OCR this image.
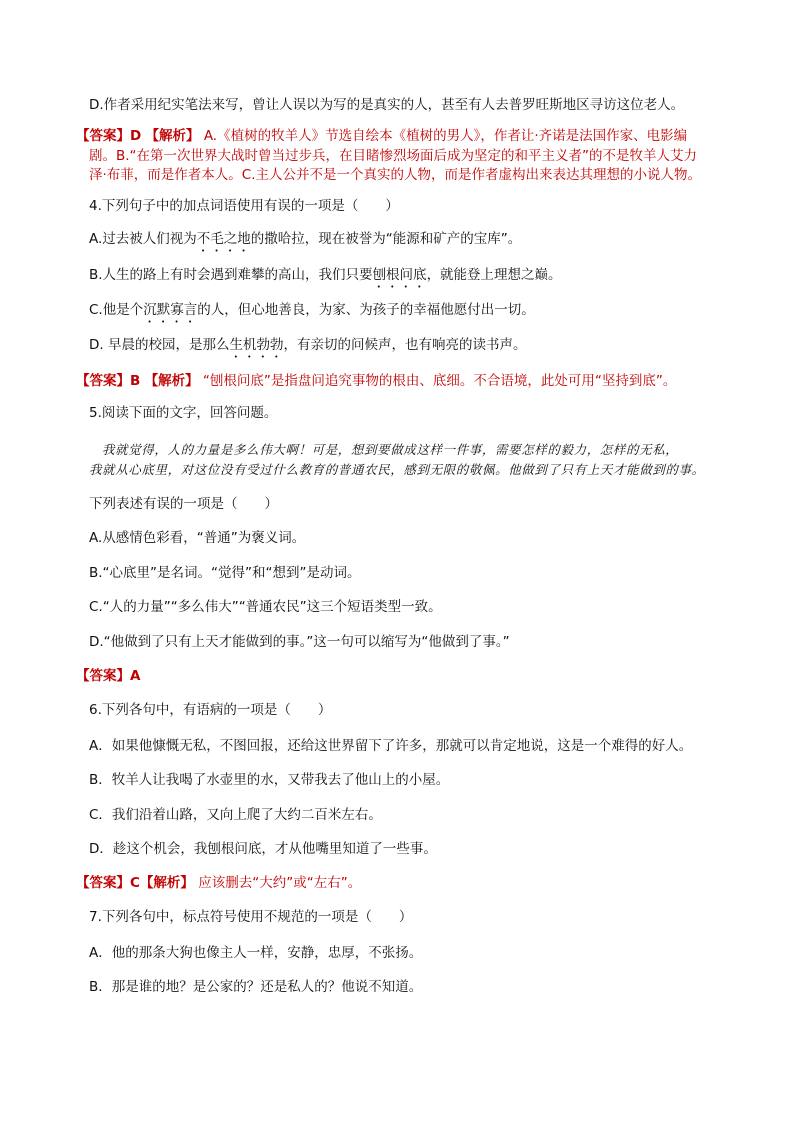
D.作者采用纪实笔法来写，曾让人误以为写的是真实的人，甚至有人去普罗旺斯地区寻访这位老人。
【答案】D 【解析】 A.《植树的牧羊人》节选自绘本《植树的男人》，作者让·齐诺是法国作家、电影编
剧。B.“在第一次世界大战时曾当过步兵，在目睹惨烈场面后成为坚定的和平主义者”的不是牧羊人艾力
泽·布菲，而是作者本人。C.主人公并不是一个真实的人物，而是作者虚构出来表达其理想的小说人物。
4.下列句子中的加点词语使用有误的一项是（　　）
A.过去被人们视为不毛之地的撒哈拉，现在被誉为“能源和矿产的宝库”。
B.人生的路上有时会遇到难攀的高山，我们只要刨根问底，就能登上理想之巅。
C.他是个沉默寡言的人，但心地善良，为家、为孩子的幸福他愿付出一切。
D. 早晨的校园，是那么生机勃勃，有亲切的问候声，也有响亮的读书声。
【答案】B 【解析】 “刨根问底”是指盘问追究事物的根由、底细。不合语境，此处可用“坚持到底”。
5.阅读下面的文字，回答问题。
我就觉得，人的力量是多么伟大啊！可是，想到要做成这样一件事，需要怎样的毅力，怎样的无私，
我就从心底里，对这位没有受过什么教育的普通农民，感到无限的敬佩。他做到了只有上天才能做到的事。
下列表述有误的一项是（　　）
A.从感情色彩看，“普通”为褒义词。
B.“心底里”是名词。“觉得”和“想到”是动词。
C.“人的力量”“多么伟大”“普通农民”这三个短语类型一致。
D.“他做到了只有上天才能做到的事。”这一句可以缩写为“他做到了事。”
【答案】A
6.下列各句中，有语病的一项是（　　）
A．如果他慷慨无私，不图回报，还给这世界留下了许多，那就可以肯定地说，这是一个难得的好人。
B．牧羊人让我喝了水壶里的水，又带我去了他山上的小屋。
C．我们沿着山路，又向上爬了大约二百米左右。
D．趁这个机会，我刨根问底，才从他嘴里知道了一些事。
【答案】C【解析】 应该删去“大约”或“左右”。
7.下列各句中，标点符号使用不规范的一项是（　　）
A．他的那条大狗也像主人一样，安静，忠厚，不张扬。
B．那是谁的地？是公家的？还是私人的？他说不知道。
